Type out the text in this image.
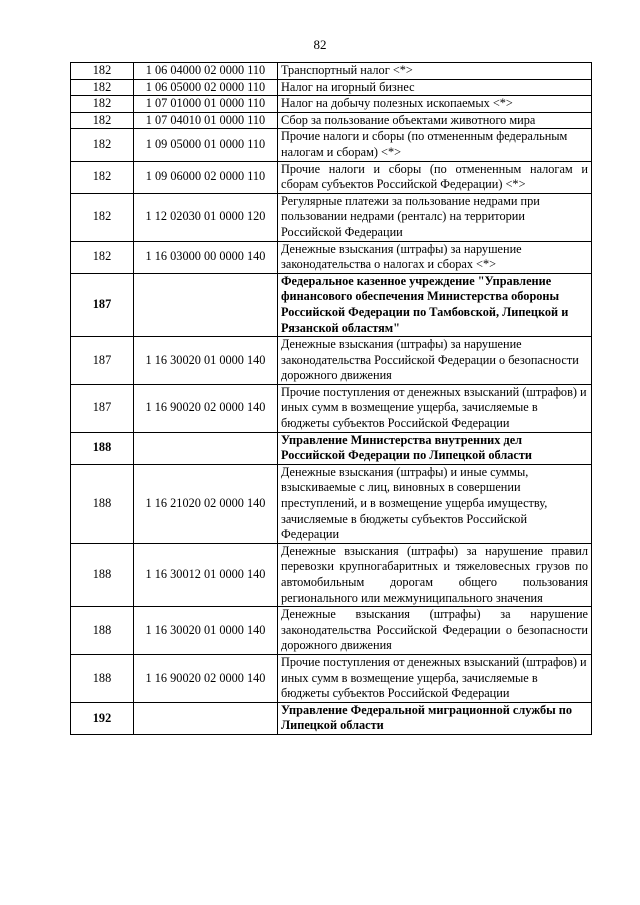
82
182	1 06 04000 02 0000 110	Транспортный налог <*>
182	1 06 05000 02 0000 110	Налог на игорный бизнес
182	1 07 01000 01 0000 110	Налог на добычу полезных ископаемых <*>
182	1 07 04010 01 0000 110	Сбор за пользование объектами животного мира
182	1 09 05000 01 0000 110	Прочие налоги и сборы (по отмененным федеральным налогам и сборам) <*>
182	1 09 06000 02 0000 110	Прочие налоги и сборы (по отмененным налогам и сборам субъектов Российской Федерации) <*>
182	1 12 02030 01 0000 120	Регулярные платежи за пользование недрами при пользовании недрами (ренталс) на территории Российской Федерации
182	1 16 03000 00 0000 140	Денежные взыскания (штрафы) за нарушение законодательства о налогах и сборах <*>
187		Федеральное казенное учреждение "Управление финансового обеспечения Министерства обороны Российской Федерации по Тамбовской, Липецкой и Рязанской областям"
187	1 16 30020 01 0000 140	Денежные взыскания (штрафы) за нарушение законодательства Российской Федерации о безопасности дорожного движения
187	1 16 90020 02 0000 140	Прочие поступления от денежных взысканий (штрафов) и иных сумм в возмещение ущерба, зачисляемые в бюджеты субъектов Российской Федерации
188		Управление Министерства внутренних дел Российской Федерации по Липецкой области
188	1 16 21020 02 0000 140	Денежные взыскания (штрафы) и иные суммы, взыскиваемые с лиц, виновных в совершении преступлений, и в возмещение ущерба имуществу, зачисляемые в бюджеты субъектов Российской Федерации
188	1 16 30012 01 0000 140	Денежные взыскания (штрафы) за нарушение правил перевозки крупногабаритных и тяжеловесных грузов по автомобильным дорогам общего пользования регионального или межмуниципального значения
188	1 16 30020 01 0000 140	Денежные взыскания (штрафы) за нарушение законодательства Российской Федерации о безопасности дорожного движения
188	1 16 90020 02 0000 140	Прочие поступления от денежных взысканий (штрафов) и иных сумм в возмещение ущерба, зачисляемые в бюджеты субъектов Российской Федерации
192		Управление Федеральной миграционной службы по Липецкой области
